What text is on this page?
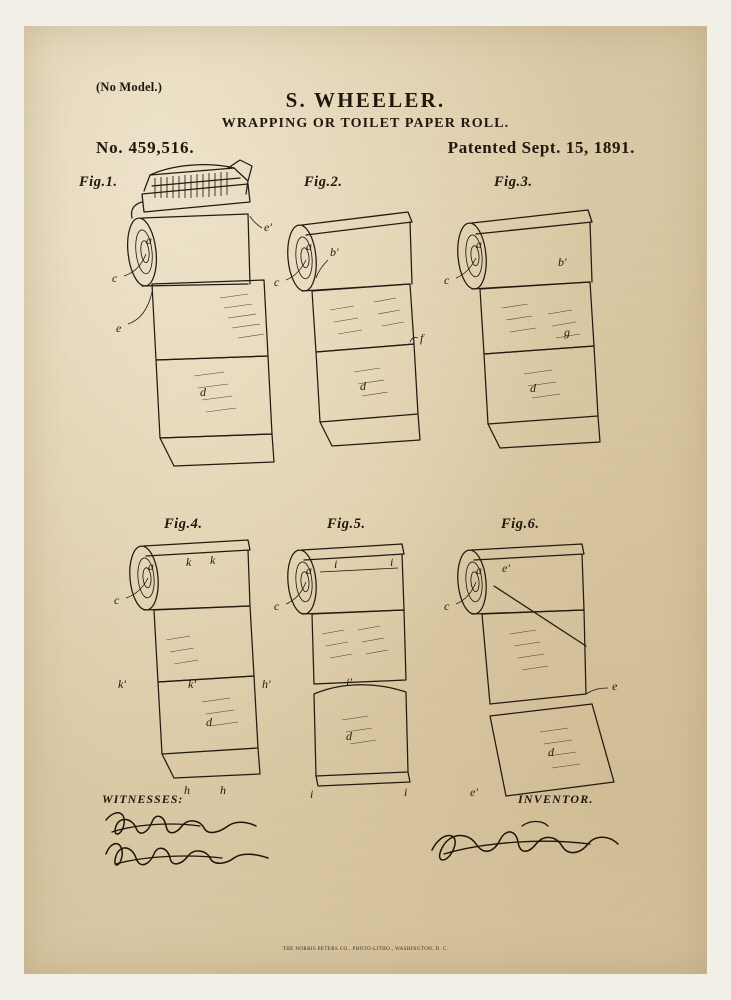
(No Model.)
S. WHEELER.
WRAPPING OR TOILET PAPER ROLL.
No. 459,516.	Patented Sept. 15, 1891.
Fig.1.	Fig.2.	Fig.3.
Fig.4.	Fig.5.	Fig.6.
a
c
e'
d
e
a
c
b'
d
f
a
c
b'
d
g
a
c
k k
d
k'	k'	h'
h	h
a
c
i	i
i'
d
i	i
a
c
e'
e
d
e'
WITNESSES:	INVENTOR.
THE NORRIS PETERS CO., PHOTO-LITHO., WASHINGTON, D. C.
